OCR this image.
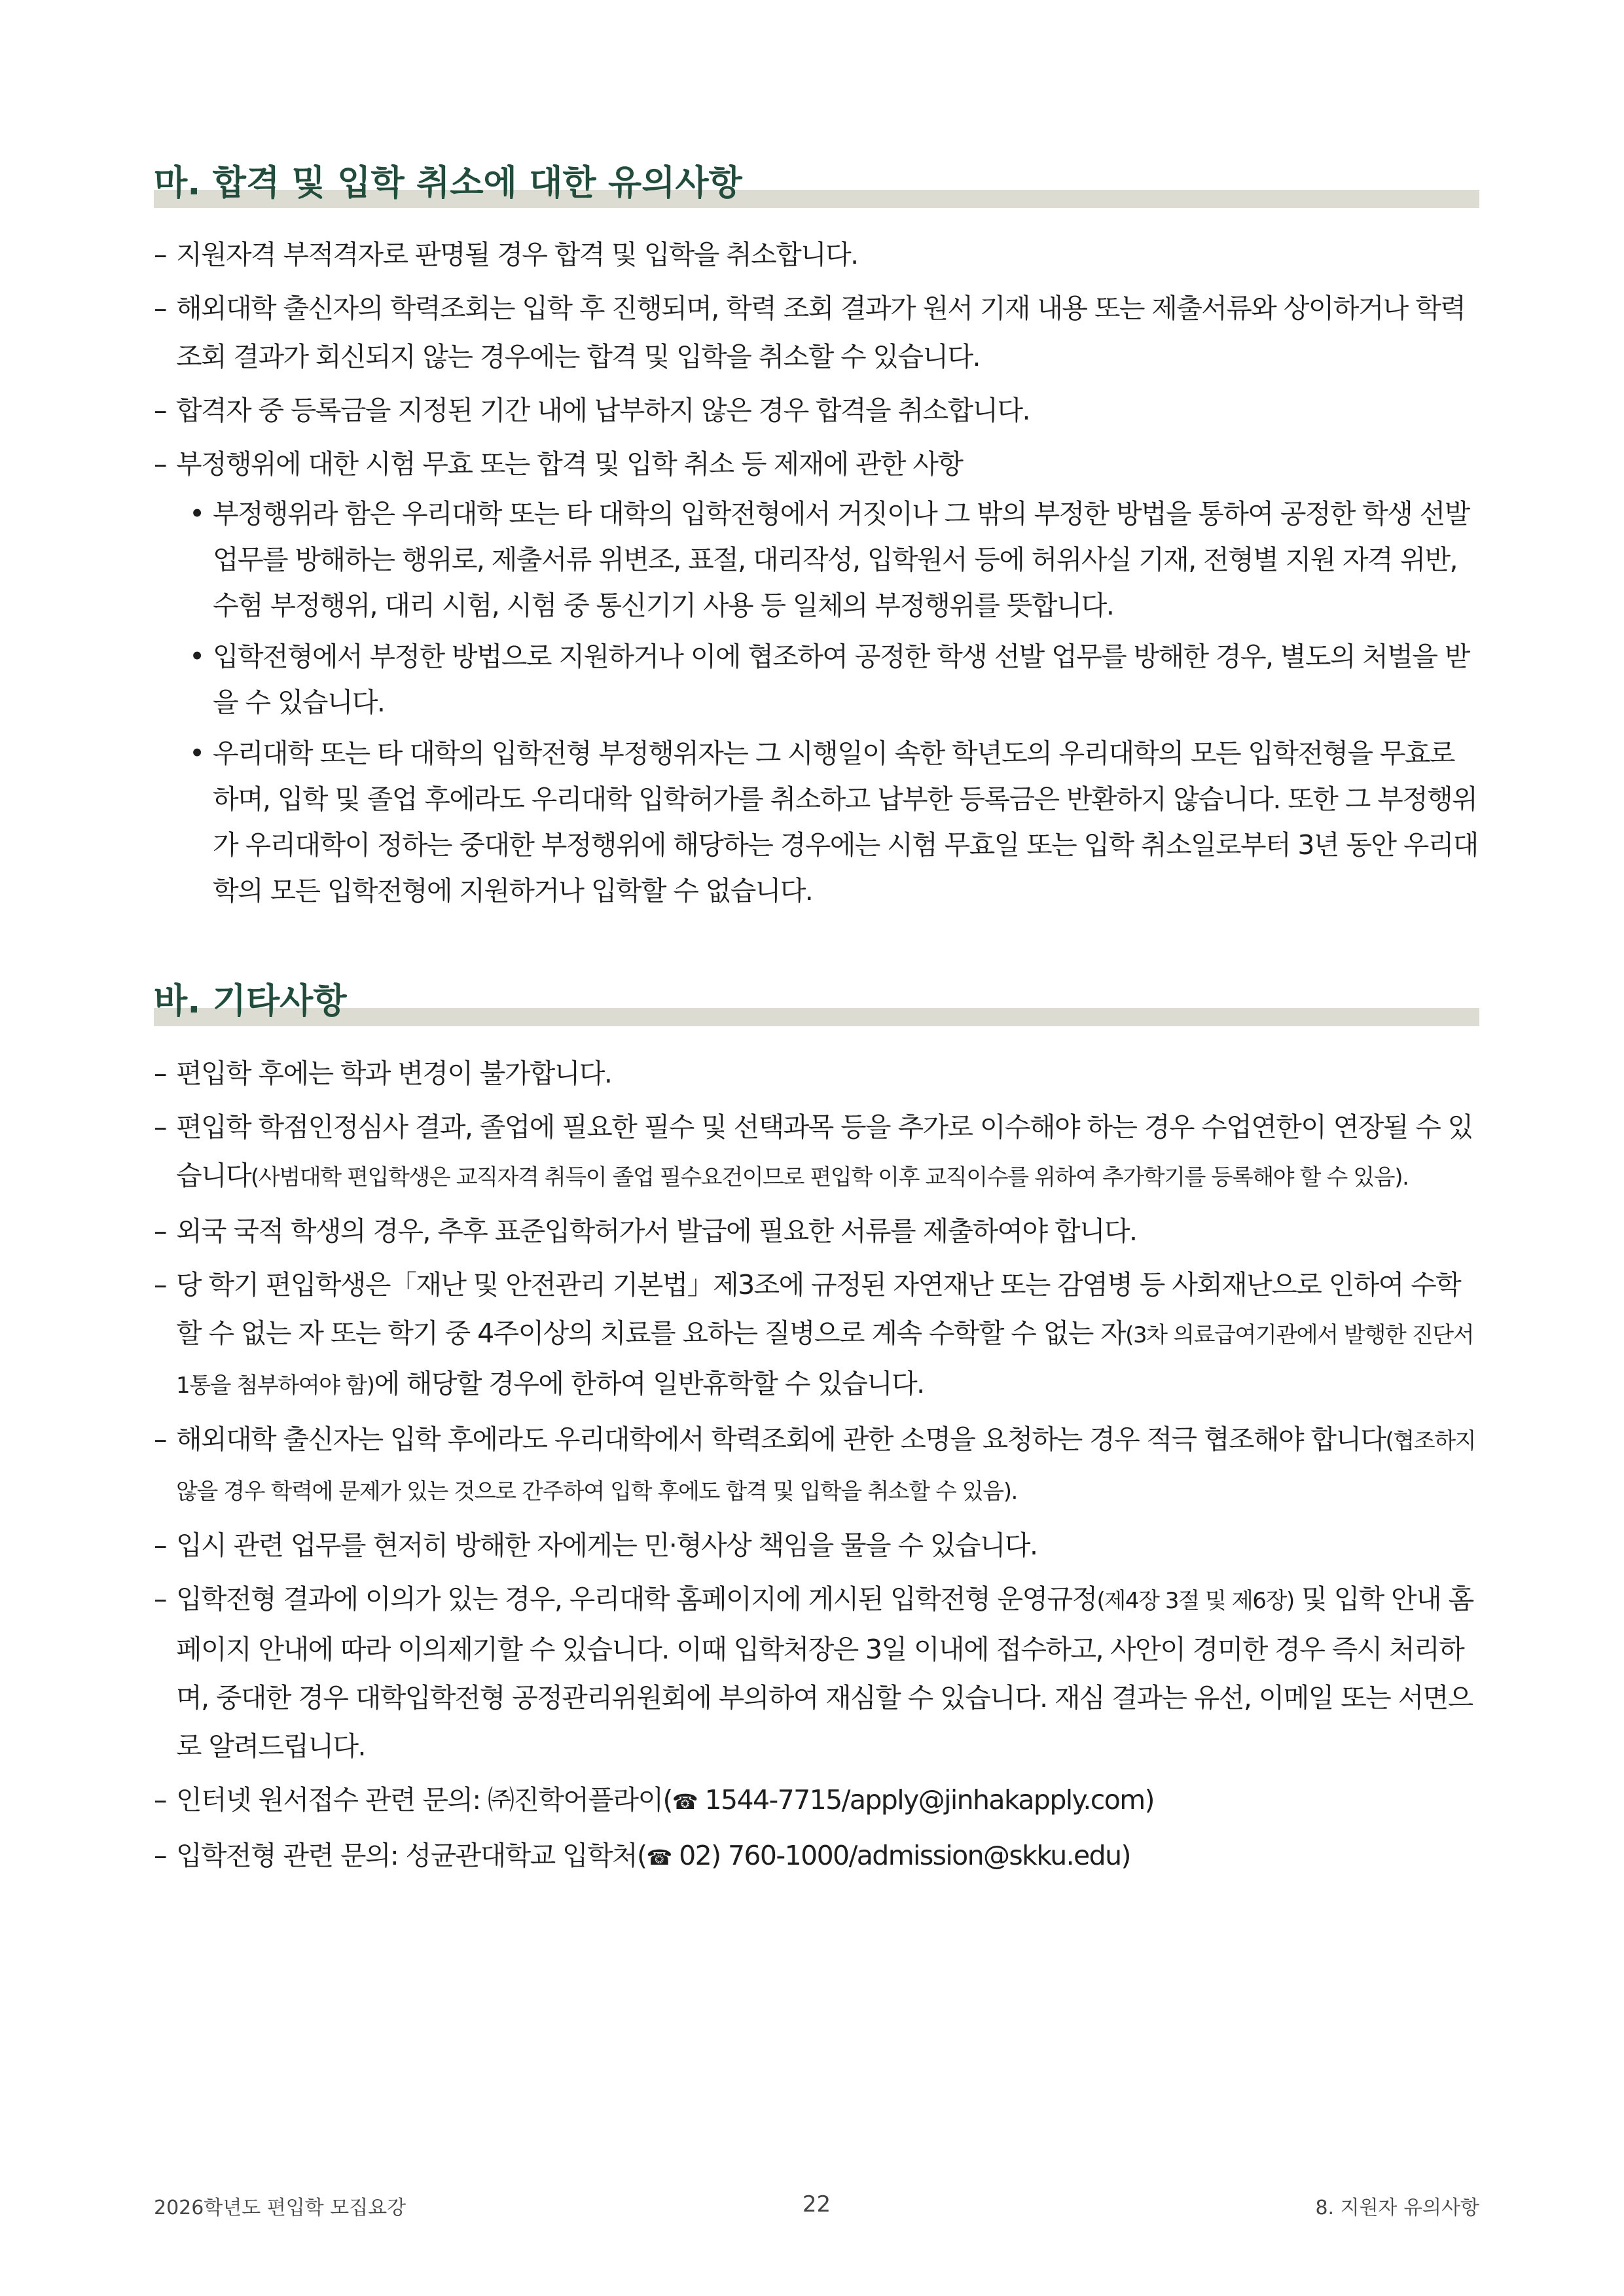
마. 합격 및 입학 취소에 대한 유의사항
– 지원자격 부적격자로 판명될 경우 합격 및 입학을 취소합니다.
– 해외대학 출신자의 학력조회는 입학 후 진행되며, 학력 조회 결과가 원서 기재 내용 또는 제출서류와 상이하거나 학력 조회 결과가 회신되지 않는 경우에는 합격 및 입학을 취소할 수 있습니다.
– 합격자 중 등록금을 지정된 기간 내에 납부하지 않은 경우 합격을 취소합니다.
– 부정행위에 대한 시험 무효 또는 합격 및 입학 취소 등 제재에 관한 사항
• 부정행위라 함은 우리대학 또는 타 대학의 입학전형에서 거짓이나 그 밖의 부정한 방법을 통하여 공정한 학생 선발 업무를 방해하는 행위로, 제출서류 위변조, 표절, 대리작성, 입학원서 등에 허위사실 기재, 전형별 지원 자격 위반, 수험 부정행위, 대리 시험, 시험 중 통신기기 사용 등 일체의 부정행위를 뜻합니다.
• 입학전형에서 부정한 방법으로 지원하거나 이에 협조하여 공정한 학생 선발 업무를 방해한 경우, 별도의 처벌을 받을 수 있습니다.
• 우리대학 또는 타 대학의 입학전형 부정행위자는 그 시행일이 속한 학년도의 우리대학의 모든 입학전형을 무효로 하며, 입학 및 졸업 후에라도 우리대학 입학허가를 취소하고 납부한 등록금은 반환하지 않습니다. 또한 그 부정행위가 우리대학이 정하는 중대한 부정행위에 해당하는 경우에는 시험 무효일 또는 입학 취소일로부터 3년 동안 우리대학의 모든 입학전형에 지원하거나 입학할 수 없습니다.
바. 기타사항
– 편입학 후에는 학과 변경이 불가합니다.
– 편입학 학점인정심사 결과, 졸업에 필요한 필수 및 선택과목 등을 추가로 이수해야 하는 경우 수업연한이 연장될 수 있습니다(사범대학 편입학생은 교직자격 취득이 졸업 필수요건이므로 편입학 이후 교직이수를 위하여 추가학기를 등록해야 할 수 있음).
– 외국 국적 학생의 경우, 추후 표준입학허가서 발급에 필요한 서류를 제출하여야 합니다.
– 당 학기 편입학생은「재난 및 안전관리 기본법」제3조에 규정된 자연재난 또는 감염병 등 사회재난으로 인하여 수학할 수 없는 자 또는 학기 중 4주이상의 치료를 요하는 질병으로 계속 수학할 수 없는 자(3차 의료급여기관에서 발행한 진단서 1통을 첨부하여야 함)에 해당할 경우에 한하여 일반휴학할 수 있습니다.
– 해외대학 출신자는 입학 후에라도 우리대학에서 학력조회에 관한 소명을 요청하는 경우 적극 협조해야 합니다(협조하지 않을 경우 학력에 문제가 있는 것으로 간주하여 입학 후에도 합격 및 입학을 취소할 수 있음).
– 입시 관련 업무를 현저히 방해한 자에게는 민·형사상 책임을 물을 수 있습니다.
– 입학전형 결과에 이의가 있는 경우, 우리대학 홈페이지에 게시된 입학전형 운영규정(제4장 3절 및 제6장) 및 입학 안내 홈페이지 안내에 따라 이의제기할 수 있습니다. 이때 입학처장은 3일 이내에 접수하고, 사안이 경미한 경우 즉시 처리하며, 중대한 경우 대학입학전형 공정관리위원회에 부의하여 재심할 수 있습니다. 재심 결과는 유선, 이메일 또는 서면으로 알려드립니다.
– 인터넷 원서접수 관련 문의: ㈜진학어플라이(☎ 1544-7715/apply@jinhakapply.com)
– 입학전형 관련 문의: 성균관대학교 입학처(☎ 02) 760-1000/admission@skku.edu)
2026학년도 편입학 모집요강	22	8. 지원자 유의사항
